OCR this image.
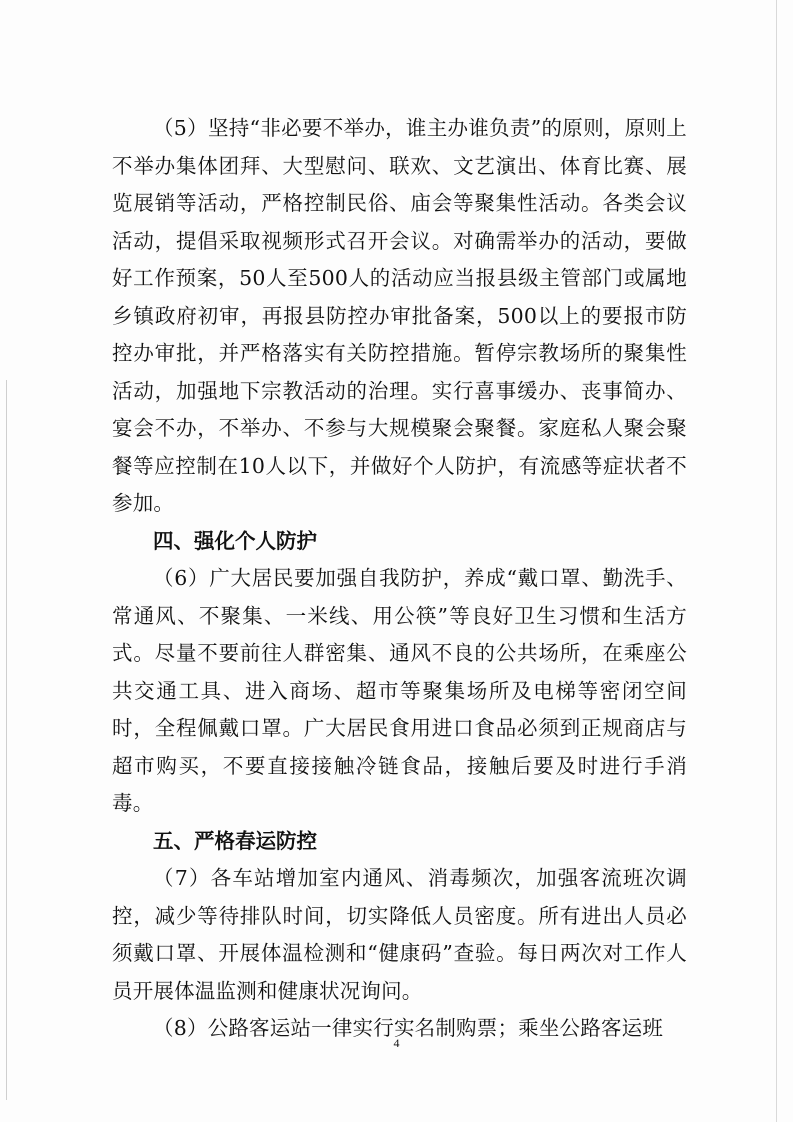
（5）坚持“非必要不举办，谁主办谁负责”的原则，原则上不举办集体团拜、大型慰问、联欢、文艺演出、体育比赛、展览展销等活动，严格控制民俗、庙会等聚集性活动。各类会议活动，提倡采取视频形式召开会议。对确需举办的活动，要做好工作预案，50人至500人的活动应当报县级主管部门或属地乡镇政府初审，再报县防控办审批备案，500以上的要报市防控办审批，并严格落实有关防控措施。暂停宗教场所的聚集性活动，加强地下宗教活动的治理。实行喜事缓办、丧事简办、宴会不办，不举办、不参与大规模聚会聚餐。家庭私人聚会聚餐等应控制在10人以下，并做好个人防护，有流感等症状者不参加。

四、强化个人防护

（6）广大居民要加强自我防护，养成“戴口罩、勤洗手、常通风、不聚集、一米线、用公筷”等良好卫生习惯和生活方式。尽量不要前往人群密集、通风不良的公共场所，在乘座公共交通工具、进入商场、超市等聚集场所及电梯等密闭空间时，全程佩戴口罩。广大居民食用进口食品必须到正规商店与超市购买，不要直接接触冷链食品，接触后要及时进行手消毒。

五、严格春运防控

（7）各车站增加室内通风、消毒频次，加强客流班次调控，减少等待排队时间，切实降低人员密度。所有进出人员必须戴口罩、开展体温检测和“健康码”查验。每日两次对工作人员开展体温监测和健康状况询问。

（8）公路客运站一律实行实名制购票；乘坐公路客运班

4
